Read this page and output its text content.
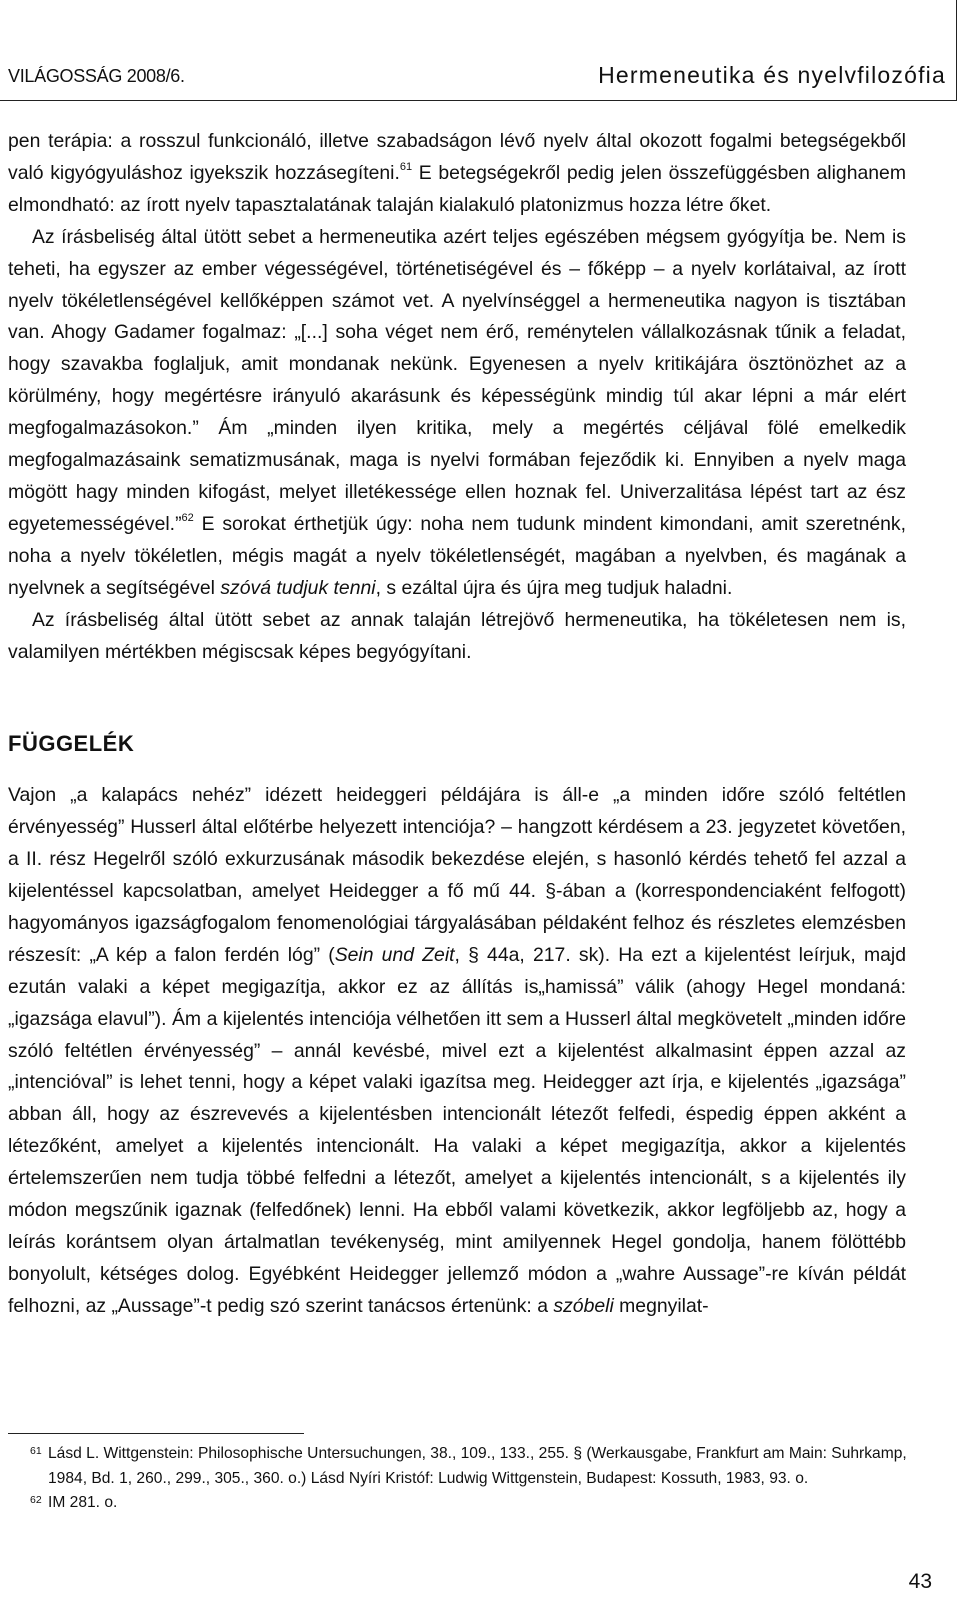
VILÁGOSSÁG 2008/6.	Hermeneutika és nyelvfilozófia

pen terápia: a rosszul funkcionáló, illetve szabadságon lévő nyelv által okozott fogalmi betegségekből való kigyógyuláshoz igyekszik hozzásegíteni.$^{61}$ E betegségekről pedig jelen összefüggésben alighanem elmondható: az írott nyelv tapasztalatának talaján kialakuló platonizmus hozza létre őket.

Az írásbeliség által ütött sebet a hermeneutika azért teljes egészében mégsem gyógyítja be. Nem is teheti, ha egyszer az ember végességével, történetiségével és – főképp – a nyelv korlátaival, az írott nyelv tökéletlenségével kellőképpen számot vet. A nyelvínséggel a hermeneutika nagyon is tisztában van. Ahogy Gadamer fogalmaz: „[...] soha véget nem érő, reménytelen vállalkozásnak tűnik a feladat, hogy szavakba foglaljuk, amit mondanak nekünk. Egyenesen a nyelv kritikájára ösztönözhet az a körülmény, hogy megértésre irányuló akarásunk és képességünk mindig túl akar lépni a már elért megfogalmazásokon.” Ám „minden ilyen kritika, mely a megértés céljával fölé emelkedik megfogalmazásaink sematizmusának, maga is nyelvi formában fejeződik ki. Ennyiben a nyelv maga mögött hagy minden kifogást, melyet illetékessége ellen hoznak fel. Univerzalitása lépést tart az ész egyetemességével.”$^{62}$ E sorokat érthetjük úgy: noha nem tudunk mindent kimondani, amit szeretnénk, noha a nyelv tökéletlen, mégis magát a nyelv tökéletlenségét, magában a nyelvben, és magának a nyelvnek a segítségével szóvá tudjuk tenni, s ezáltal újra és újra meg tudjuk haladni.

Az írásbeliség által ütött sebet az annak talaján létrejövő hermeneutika, ha tökéletesen nem is, valamilyen mértékben mégiscsak képes begyógyítani.

FÜGGELÉK

Vajon „a kalapács nehéz” idézett heideggeri példájára is áll-e „a minden időre szóló feltétlen érvényesség” Husserl által előtérbe helyezett intenciója? – hangzott kérdésem a 23. jegyzetet követően, a II. rész Hegelről szóló exkurzusának második bekezdése elején, s hasonló kérdés tehető fel azzal a kijelentéssel kapcsolatban, amelyet Heidegger a fő mű 44. §-ában a (korrespondenciaként felfogott) hagyományos igazságfogalom fenomenológiai tárgyalásában példaként felhoz és részletes elemzésben részesít: „A kép a falon ferdén lóg” (Sein und Zeit, § 44a, 217. sk). Ha ezt a kijelentést leírjuk, majd ezután valaki a képet megigazítja, akkor ez az állítás is„hamissá” válik (ahogy Hegel mondaná: „igazsága elavul”). Ám a kijelentés intenciója vélhetően itt sem a Husserl által megkövetelt „minden időre szóló feltétlen érvényesség” – annál kevésbé, mivel ezt a kijelentést alkalmasint éppen azzal az „intencióval” is lehet tenni, hogy a képet valaki igazítsa meg. Heidegger azt írja, e kijelentés „igazsága” abban áll, hogy az észrevevés a kijelentésben intencionált létezőt felfedi, éspedig éppen akként a létezőként, amelyet a kijelentés intencionált. Ha valaki a képet megigazítja, akkor a kijelentés értelemszerűen nem tudja többé felfedni a létezőt, amelyet a kijelentés intencionált, s a kijelentés ily módon megszűnik igaznak (felfedőnek) lenni. Ha ebből valami következik, akkor legföljebb az, hogy a leírás korántsem olyan ártalmatlan tevékenység, mint amilyennek Hegel gondolja, hanem fölöttébb bonyolult, kétséges dolog. Egyébként Heidegger jellemző módon a „wahre Aussage”-re kíván példát felhozni, az „Aussage”-t pedig szó szerint tanácsos értenünk: a szóbeli megnyilat-

61 Lásd L. Wittgenstein: Philosophische Untersuchungen, 38., 109., 133., 255. § (Werkausgabe, Frankfurt am Main: Suhrkamp, 1984, Bd. 1, 260., 299., 305., 360. o.) Lásd Nyíri Kristóf: Ludwig Wittgenstein, Budapest: Kossuth, 1983, 93. o.

62 IM 281. o.

43
